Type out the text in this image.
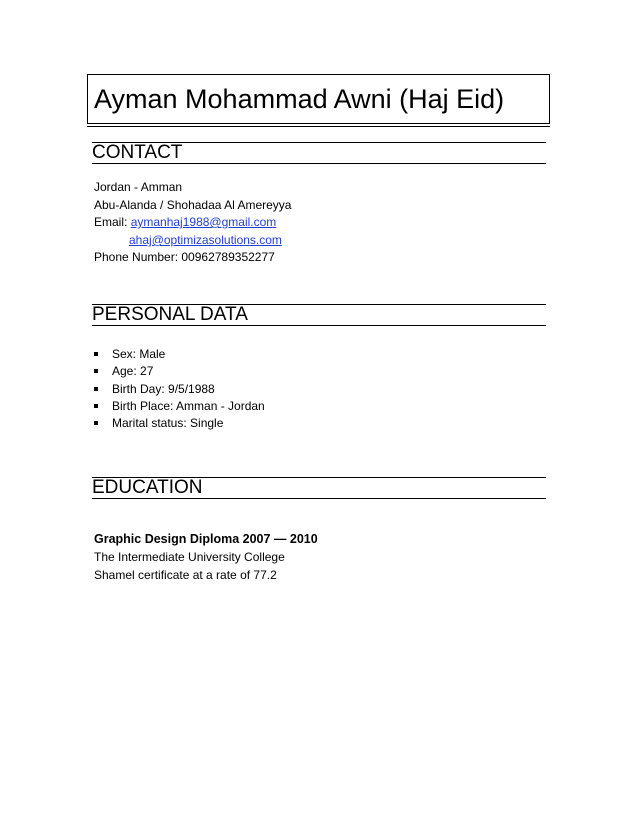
Ayman Mohammad Awni (Haj Eid)
CONTACT
Jordan - Amman
Abu-Alanda / Shohadaa Al Amereyya
Email: aymanhaj1988@gmail.com
ahaj@optimizasolutions.com
Phone Number: 00962789352277
PERSONAL DATA
Sex: Male
Age: 27
Birth Day: 9/5/1988
Birth Place: Amman - Jordan
Marital status: Single
EDUCATION
Graphic Design Diploma 2007 — 2010
The Intermediate University College
Shamel certificate at a rate of 77.2
